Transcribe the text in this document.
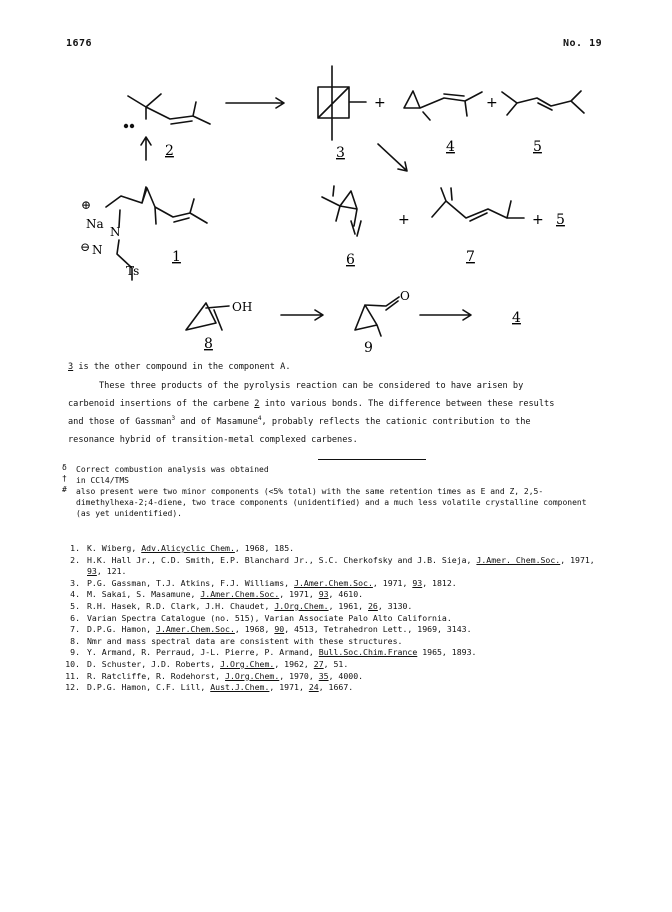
1676	No. 19
⊕
Na
N
⊖ N
Ts
OH
O
+	+
+	+
2	3	4	5
1	6	7
5
8	9
4
3 is the other compound in the component A.

These three products of the pyrolysis reaction can be considered to have arisen by carbenoid insertions of the carbene 2 into various bonds. The difference between these results and those of Gassman$^3$ and of Masamune$^4$, probably reflects the cationic contribution to the resonance hybrid of transition-metal complexed carbenes.

δ Correct combustion analysis was obtained
† in CCl4/TMS
# also present were two minor components (<5% total) with the same retention times as E and Z, 2,5-dimethylhexa-2;4-diene, two trace components (unidentified) and a much less volatile crystalline component (as yet unidentified).
1. K. Wiberg, Adv.Alicyclic Chem., 1968, 185.
2. H.K. Hall Jr., C.D. Smith, E.P. Blanchard Jr., S.C. Cherkofsky and J.B. Sieja, J.Amer. Chem.Soc., 1971, 93, 121.
3. P.G. Gassman, T.J. Atkins, F.J. Williams, J.Amer.Chem.Soc., 1971, 93, 1812.
4. M. Sakai, S. Masamune, J.Amer.Chem.Soc., 1971, 93, 4610.
5. R.H. Hasek, R.D. Clark, J.H. Chaudet, J.Org.Chem., 1961, 26, 3130.
6. Varian Spectra Catalogue (no. 515), Varian Associate Palo Alto California.
7. D.P.G. Hamon, J.Amer.Chem.Soc., 1968, 90, 4513, Tetrahedron Lett., 1969, 3143.
8. Nmr and mass spectral data are consistent with these structures.
9. Y. Armand, R. Perraud, J-L. Pierre, P. Armand, Bull.Soc.Chim.France 1965, 1893.
10. D. Schuster, J.D. Roberts, J.Org.Chem., 1962, 27, 51.
11. R. Ratcliffe, R. Rodehorst, J.Org.Chem., 1970, 35, 4000.
12. D.P.G. Hamon, C.F. Lill, Aust.J.Chem., 1971, 24, 1667.
